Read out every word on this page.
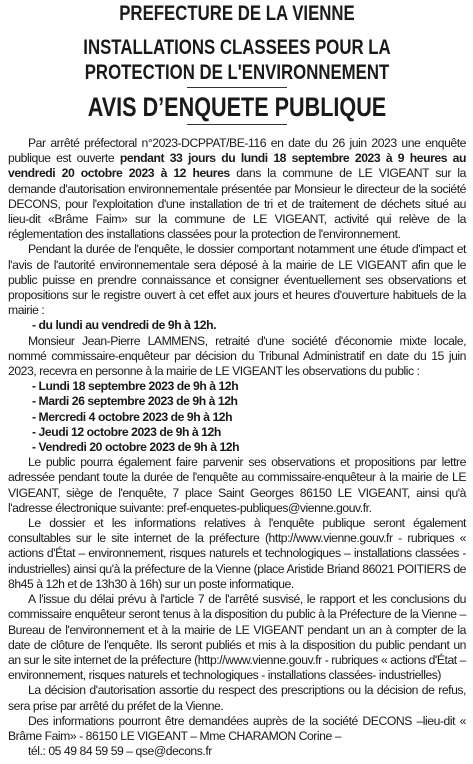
PREFECTURE DE LA VIENNE
INSTALLATIONS CLASSEES POUR LA PROTECTION DE L'ENVIRONNEMENT
AVIS D’ENQUETE PUBLIQUE

Par arrêté préfectoral n°2023-DCPPAT/BE-116 en date du 26 juin 2023 une enquête publique est ouverte pendant 33 jours du lundi 18 septembre 2023 à 9 heures au vendredi 20 octobre 2023 à 12 heures dans la commune de LE VIGEANT sur la demande d'autorisation environnementale présentée par Monsieur le directeur de la société DECONS, pour l'exploitation d'une installation de tri et de traitement de déchets situé au lieu-dit «Brâme Faim» sur la commune de LE VIGEANT, activité qui relève de la réglementation des installations classées pour la protection de l'environnement.

Pendant la durée de l'enquête, le dossier comportant notamment une étude d'impact et l'avis de l'autorité environnementale sera déposé à la mairie de LE VIGEANT afin que le public puisse en prendre connaissance et consigner éventuellement ses observations et propositions sur le registre ouvert à cet effet aux jours et heures d'ouverture habituels de la mairie :

- du lundi au vendredi de 9h à 12h.

Monsieur Jean-Pierre LAMMENS, retraité d'une société d'économie mixte locale, nommé commissaire-enquêteur par décision du Tribunal Administratif en date du 15 juin 2023, recevra en personne à la mairie de LE VIGEANT les observations du public :

- Lundi 18 septembre 2023 de 9h à 12h

- Mardi 26 septembre 2023 de 9h à 12h

- Mercredi 4 octobre 2023 de 9h à 12h

- Jeudi 12 octobre 2023 de 9h à 12h

- Vendredi 20 octobre 2023 de 9h à 12h

Le public pourra également faire parvenir ses observations et propositions par lettre adressée pendant toute la durée de l'enquête au commissaire-enquêteur à la mairie de LE VIGEANT, siège de l'enquête, 7 place Saint Georges 86150 LE VIGEANT, ainsi qu'à l'adresse électronique suivante: pref-enquetes-publiques@vienne.gouv.fr.

Le dossier et les informations relatives à l'enquête publique seront également consultables sur le site internet de la préfecture (http://www.vienne.gouv.fr - rubriques « actions d'État – environnement, risques naturels et technologiques – installations classées - industrielles) ainsi qu'à la préfecture de la Vienne (place Aristide Briand 86021 POITIERS de 8h45 à 12h et de 13h30 à 16h) sur un poste informatique.

A l'issue du délai prévu à l'article 7 de l'arrêté susvisé, le rapport et les conclusions du commissaire enquêteur seront tenus à la disposition du public à la Préfecture de la Vienne – Bureau de l'environnement et à la mairie de LE VIGEANT pendant un an à compter de la date de clôture de l'enquête. Ils seront publiés et mis à la disposition du public pendant un an sur le site internet de la préfecture (http://www.vienne.gouv.fr - rubriques « actions d'État – environnement, risques naturels et technologiques - installations classées- industrielles)

La décision d'autorisation assortie du respect des prescriptions ou la décision de refus, sera prise par arrêté du préfet de la Vienne.

Des informations pourront être demandées auprès de la société DECONS –lieu-dit « Brâme Faim» - 86150 LE VIGEANT – Mme CHARAMON Corine –

tél.: 05 49 84 59 59 – qse@decons.fr
